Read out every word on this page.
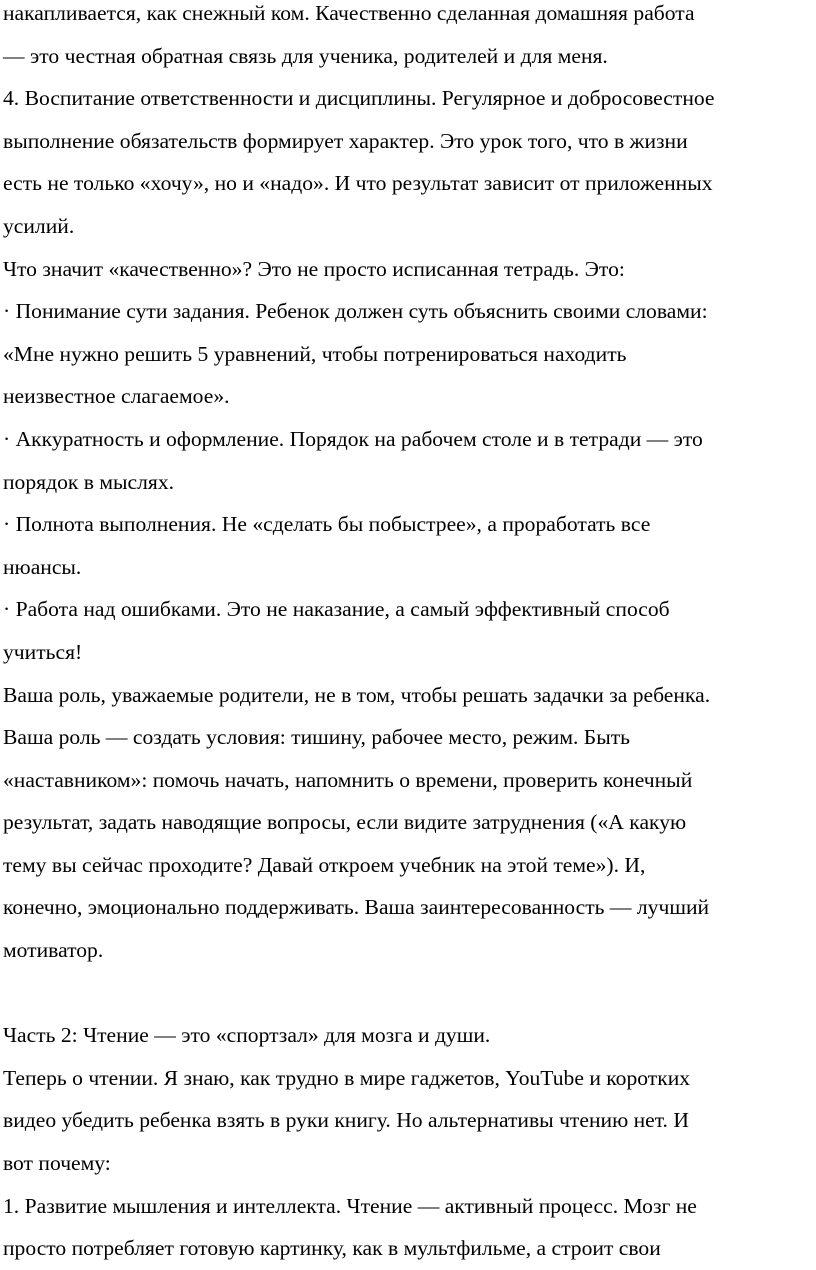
накапливается, как снежный ком. Качественно сделанная домашняя работа
— это честная обратная связь для ученика, родителей и для меня.
4. Воспитание ответственности и дисциплины. Регулярное и добросовестное
выполнение обязательств формирует характер. Это урок того, что в жизни
есть не только «хочу», но и «надо». И что результат зависит от приложенных
усилий.
Что значит «качественно»? Это не просто исписанная тетрадь. Это:
· Понимание сути задания. Ребенок должен суть объяснить своими словами:
«Мне нужно решить 5 уравнений, чтобы потренироваться находить
неизвестное слагаемое».
· Аккуратность и оформление. Порядок на рабочем столе и в тетради — это
порядок в мыслях.
· Полнота выполнения. Не «сделать бы побыстрее», а проработать все
нюансы.
· Работа над ошибками. Это не наказание, а самый эффективный способ
учиться!
Ваша роль, уважаемые родители, не в том, чтобы решать задачки за ребенка.
Ваша роль — создать условия: тишину, рабочее место, режим. Быть
«наставником»: помочь начать, напомнить о времени, проверить конечный
результат, задать наводящие вопросы, если видите затруднения («А какую
тему вы сейчас проходите? Давай откроем учебник на этой теме»). И,
конечно, эмоционально поддерживать. Ваша заинтересованность — лучший
мотиватор.
Часть 2: Чтение — это «спортзал» для мозга и души.
Теперь о чтении. Я знаю, как трудно в мире гаджетов, YouTube и коротких
видео убедить ребенка взять в руки книгу. Но альтернативы чтению нет. И
вот почему:
1. Развитие мышления и интеллекта. Чтение — активный процесс. Мозг не
просто потребляет готовую картинку, как в мультфильме, а строит свои
